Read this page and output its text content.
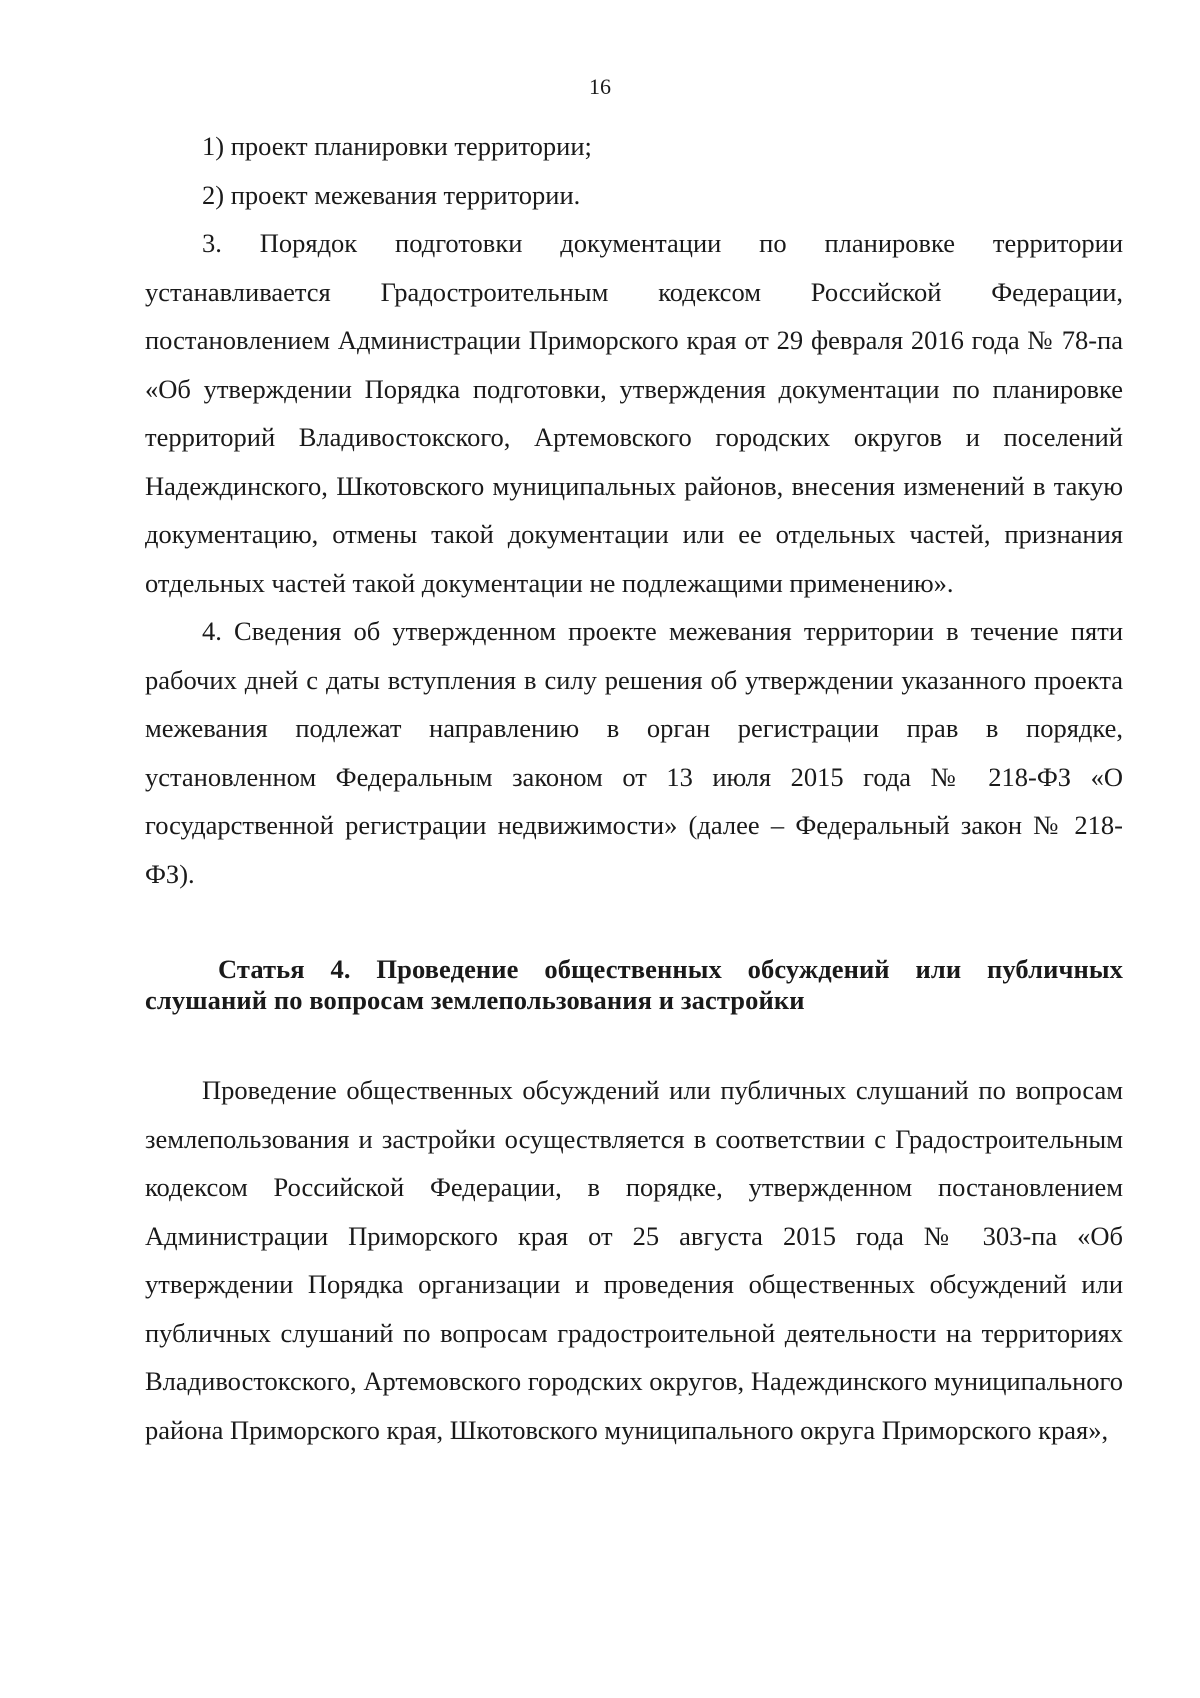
16

1) проект планировки территории;

2) проект межевания территории.

3. Порядок подготовки документации по планировке территории устанавливается Градостроительным кодексом Российской Федерации, постановлением Администрации Приморского края от 29 февраля 2016 года № 78-па «Об утверждении Порядка подготовки, утверждения документации по планировке территорий Владивостокского, Артемовского городских округов и поселений Надеждинского, Шкотовского муниципальных районов, внесения изменений в такую документацию, отмены такой документации или ее отдельных частей, признания отдельных частей такой документации не подлежащими применению».

4. Сведения об утвержденном проекте межевания территории в течение пяти рабочих дней с даты вступления в силу решения об утверждении указанного проекта межевания подлежат направлению в орган регистрации прав в порядке, установленном Федеральным законом от 13 июля 2015 года № 218-ФЗ «О государственной регистрации недвижимости» (далее – Федеральный закон № 218-ФЗ).

Статья 4. Проведение общественных обсуждений или публичных слушаний по вопросам землепользования и застройки

Проведение общественных обсуждений или публичных слушаний по вопросам землепользования и застройки осуществляется в соответствии с Градостроительным кодексом Российской Федерации, в порядке, утвержденном постановлением Администрации Приморского края от 25 августа 2015 года № 303-па «Об утверждении Порядка организации и проведения общественных обсуждений или публичных слушаний по вопросам градостроительной деятельности на территориях Владивостокского, Артемовского городских округов, Надеждинского муниципального района Приморского края, Шкотовского муниципального округа Приморского края»,
